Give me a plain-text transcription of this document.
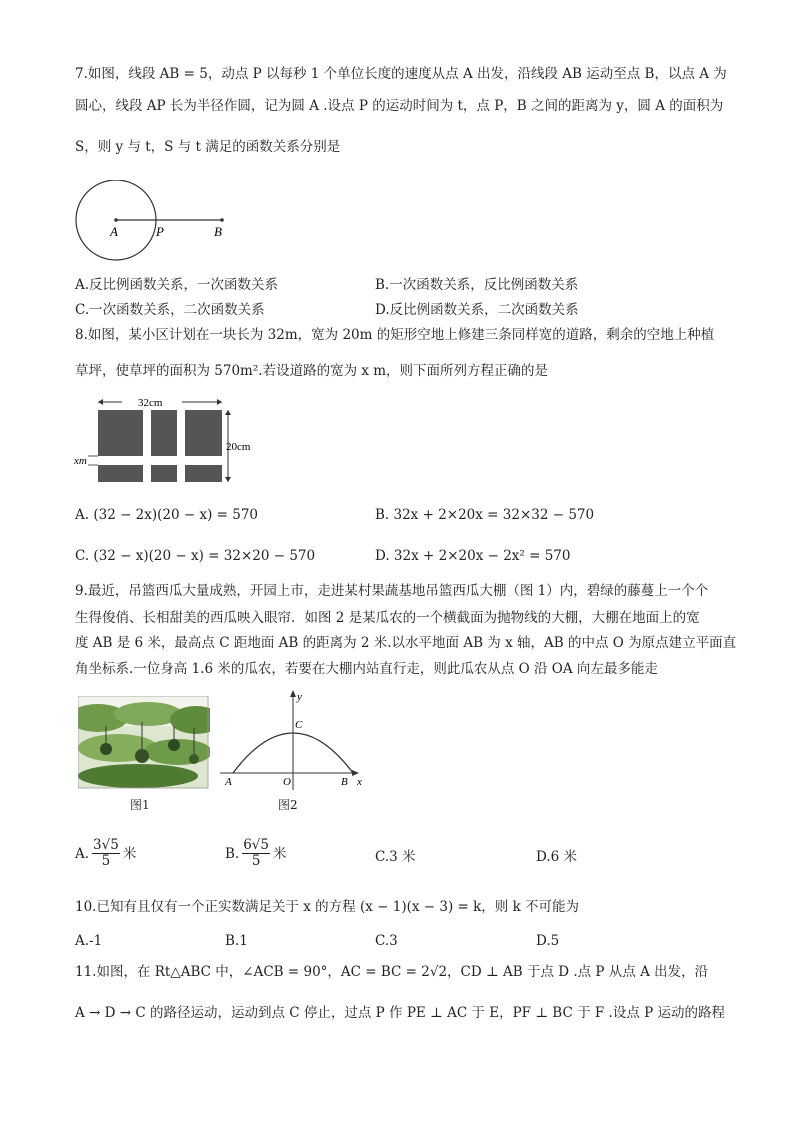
7.如图，线段 AB = 5，动点 P 以每秒 1 个单位长度的速度从点 A 出发，沿线段 AB 运动至点 B，以点 A 为
圆心，线段 AP 长为半径作圆，记为圆 A .设点 P 的运动时间为 t，点 P，B 之间的距离为 y，圆 A 的面积为
S，则 y 与 t，S 与 t 满足的函数关系分别是
A	P	B
A.反比例函数关系，一次函数关系	B.一次函数关系，反比例函数关系
C.一次函数关系，二次函数关系	D.反比例函数关系，二次函数关系
8.如图，某小区计划在一块长为 32m，宽为 20m 的矩形空地上修建三条同样宽的道路，剩余的空地上种植
草坪，使草坪的面积为 570m².若设道路的宽为 x m，则下面所列方程正确的是
32cm
20cm
xm
A. (32 − 2x)(20 − x) = 570	B. 32x + 2×20x = 32×32 − 570
C. (32 − x)(20 − x) = 32×20 − 570	D. 32x + 2×20x − 2x² = 570
9.最近，吊篮西瓜大量成熟，开园上市，走进某村果蔬基地吊篮西瓜大棚（图 1）内，碧绿的藤蔓上一个个
生得俊俏、长相甜美的西瓜映入眼帘．如图 2 是某瓜农的一个横截面为抛物线的大棚，大棚在地面上的宽
度 AB 是 6 米，最高点 C 距地面 AB 的距离为 2 米.以水平地面 AB 为 x 轴，AB 的中点 O 为原点建立平面直
角坐标系.一位身高 1.6 米的瓜农，若要在大棚内站直行走，则此瓜农从点 O 沿 OA 向左最多能走
图1
y
x
C
A	O	B
图2
A. $\frac{3√5}{5}$ 米	B. $\frac{6√5}{5}$ 米	C.3 米	D.6 米
10.已知有且仅有一个正实数满足关于 x 的方程 (x − 1)(x − 3) = k，则 k 不可能为
A.-1	B.1	C.3	D.5
11.如图，在 Rt△ABC 中，∠ACB = 90°，AC = BC = 2√2，CD ⊥ AB 于点 D .点 P 从点 A 出发，沿
A → D → C 的路径运动，运动到点 C 停止，过点 P 作 PE ⊥ AC 于 E，PF ⊥ BC 于 F .设点 P 运动的路程
